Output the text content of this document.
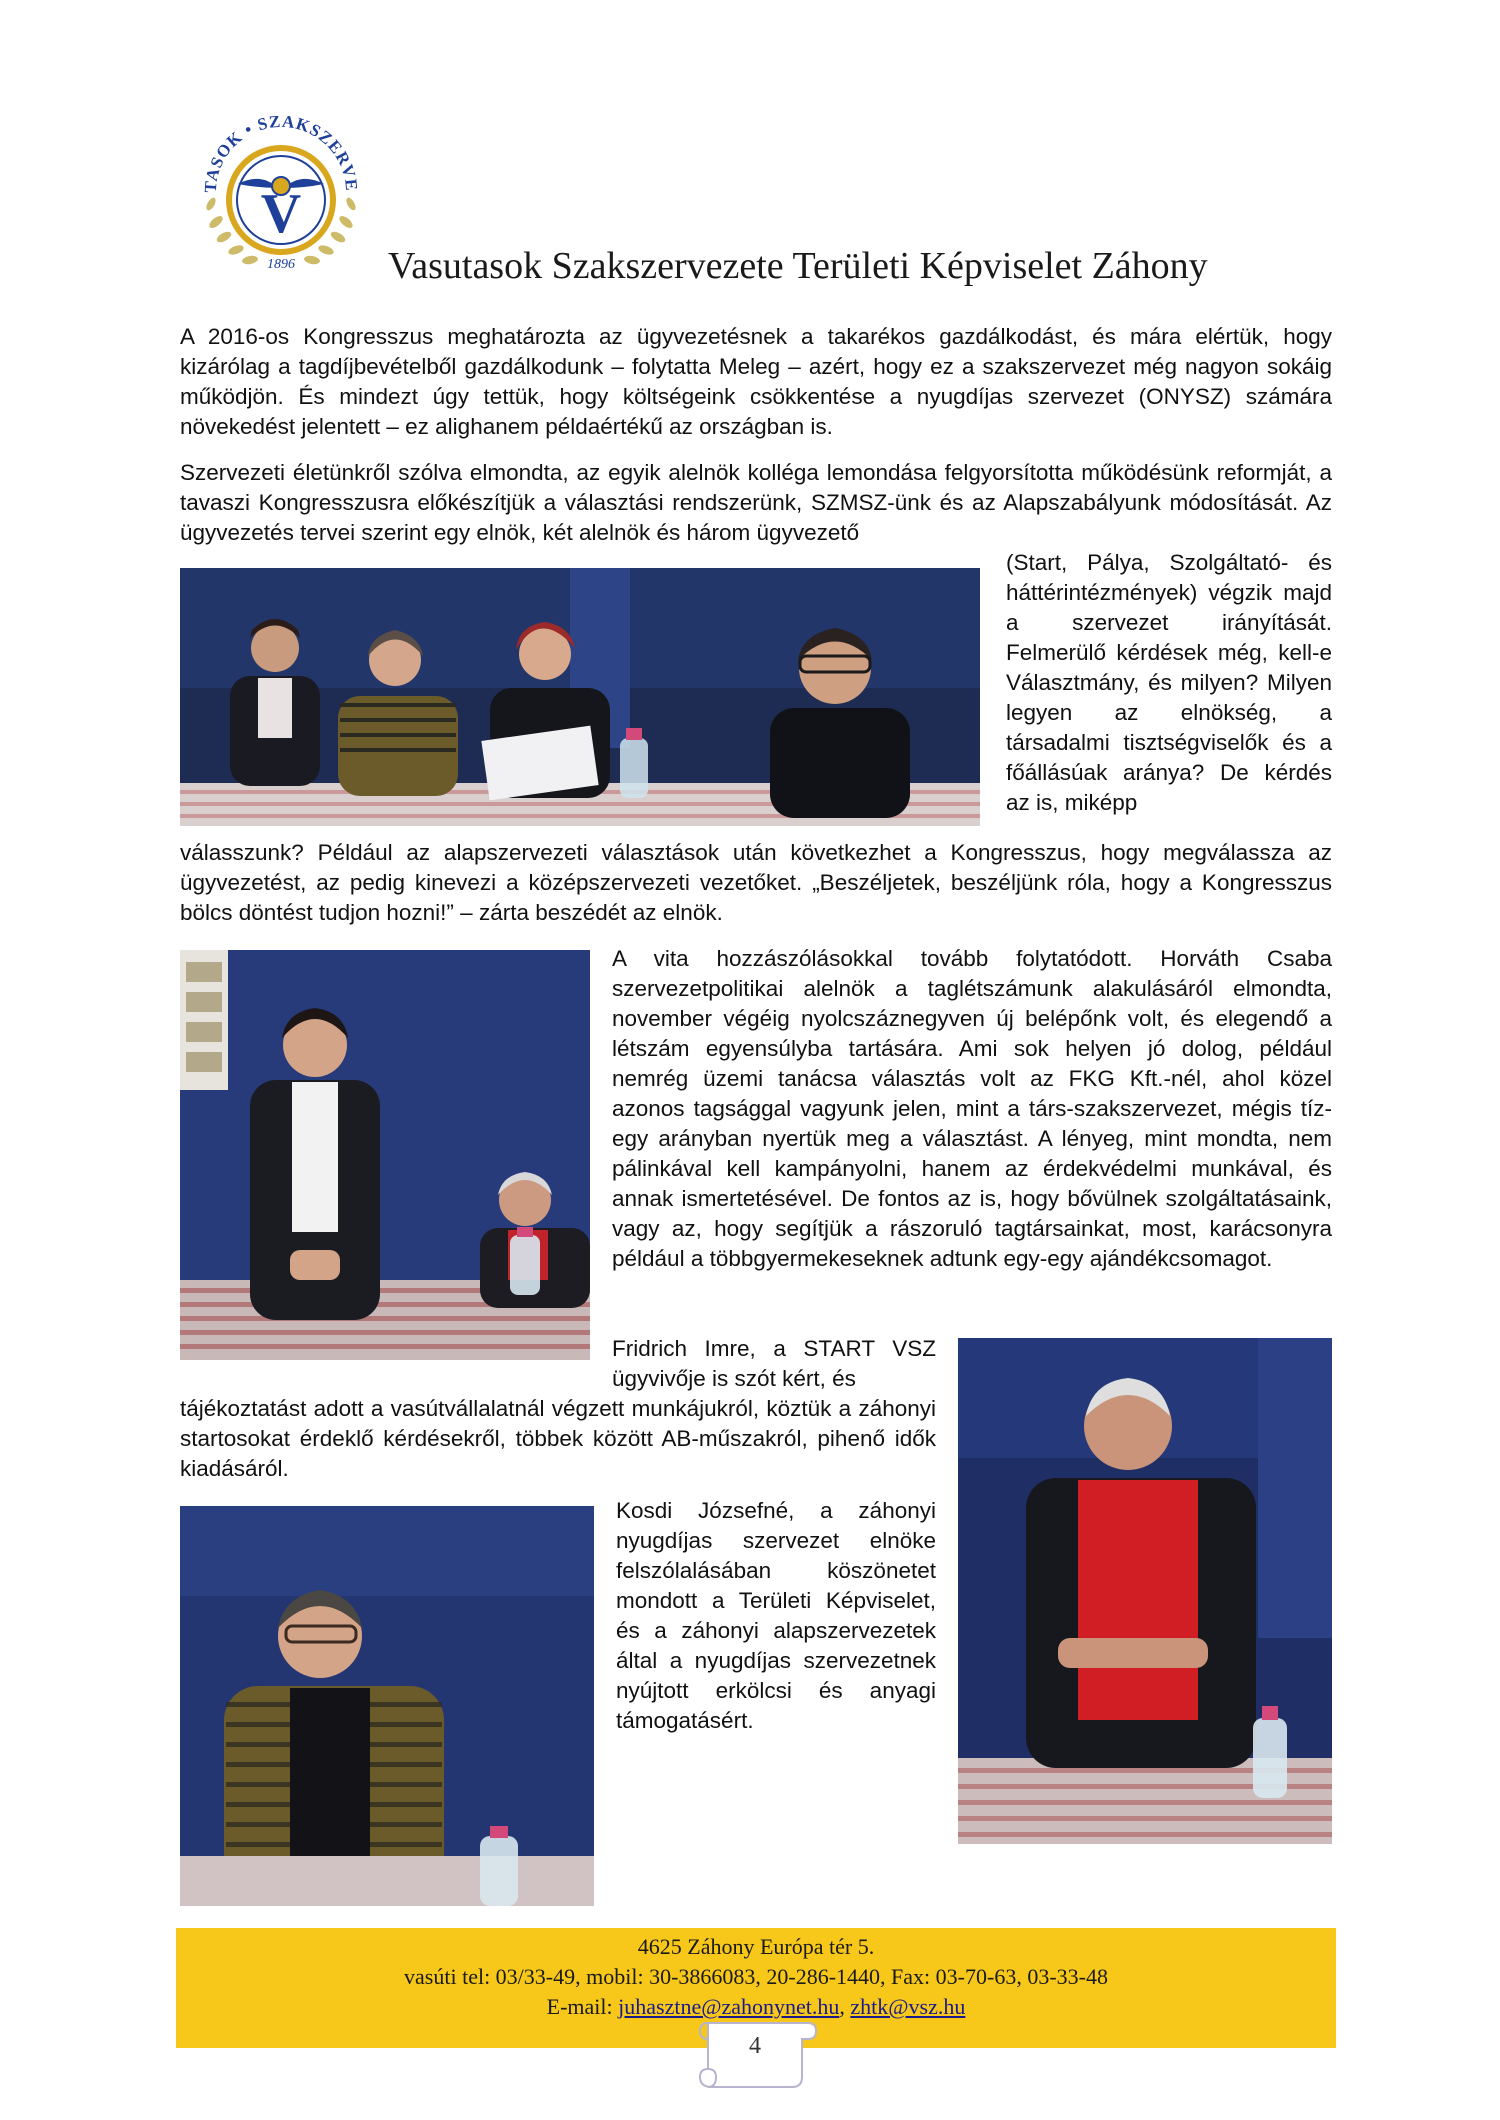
V
TASOK • SZAKSZERVE
1896 Vasutasok Szakszervezete Területi Képviselet Záhony

A 2016-os Kongresszus meghatározta az ügyvezetésnek a takarékos gazdálkodást, és mára elértük, hogy kizárólag a tagdíjbevételből gazdálkodunk – folytatta Meleg – azért, hogy ez a szakszervezet még nagyon sokáig működjön. És mindezt úgy tettük, hogy költségeink csökkentése a nyugdíjas szervezet (ONYSZ) számára növekedést jelentett – ez alighanem példaértékű az országban is.

Szervezeti életünkről szólva elmondta, az egyik alelnök kolléga lemondása felgyorsította működésünk reformját, a tavaszi Kongresszusra előkészítjük a választási rendszerünk, SZMSZ-ünk és az Alapszabályunk módosítását. Az ügyvezetés tervei szerint egy elnök, két alelnök és három ügyvezető

(Start, Pálya, Szolgáltató- és háttérintézmények) végzik majd a szervezet irányítását. Felmerülő kérdések még, kell-e Választmány, és milyen? Milyen legyen az elnökség, a társadalmi tisztségviselők és a főállásúak aránya? De kérdés az is, miképp

válasszunk? Például az alapszervezeti választások után következhet a Kongresszus, hogy megválassza az ügyvezetést, az pedig kinevezi a középszervezeti vezetőket. „Beszéljetek, beszéljünk róla, hogy a Kongresszus bölcs döntést tudjon hozni!” – zárta beszédét az elnök.

A vita hozzászólásokkal tovább folytatódott. Horváth Csaba szervezetpolitikai alelnök a taglétszámunk alakulásáról elmondta, november végéig nyolcszáznegyven új belépőnk volt, és elegendő a létszám egyensúlyba tartására. Ami sok helyen jó dolog, például nemrég üzemi tanácsa választás volt az FKG Kft.-nél, ahol közel azonos tagsággal vagyunk jelen, mint a társ-szakszervezet, mégis tíz-egy arányban nyertük meg a választást. A lényeg, mint mondta, nem pálinkával kell kampányolni, hanem az érdekvédelmi munkával, és annak ismertetésével. De fontos az is, hogy bővülnek szolgáltatásaink, vagy az, hogy segítjük a rászoruló tagtársainkat, most, karácsonyra például a többgyermekeseknek adtunk egy-egy ajándékcsomagot.

Fridrich Imre, a START VSZ ügyvivője is szót kért, és

tájékoztatást adott a vasútvállalatnál végzett munkájukról, köztük a záhonyi startosokat érdeklő kérdésekről, többek között AB-műszakról, pihenő idők kiadásáról.

Kosdi Józsefné, a záhonyi nyugdíjas szervezet elnöke felszólalásában köszönetet mondott a Területi Képviselet, és a záhonyi alapszervezetek által a nyugdíjas szervezetnek nyújtott erkölcsi és anyagi támogatásért.

4625 Záhony Európa tér 5.
vasúti tel: 03/33-49, mobil: 30-3866083, 20-286-1440, Fax: 03-70-63, 03-33-48
E-mail: juhasztne@zahonynet.hu, zhtk@vsz.hu
4
